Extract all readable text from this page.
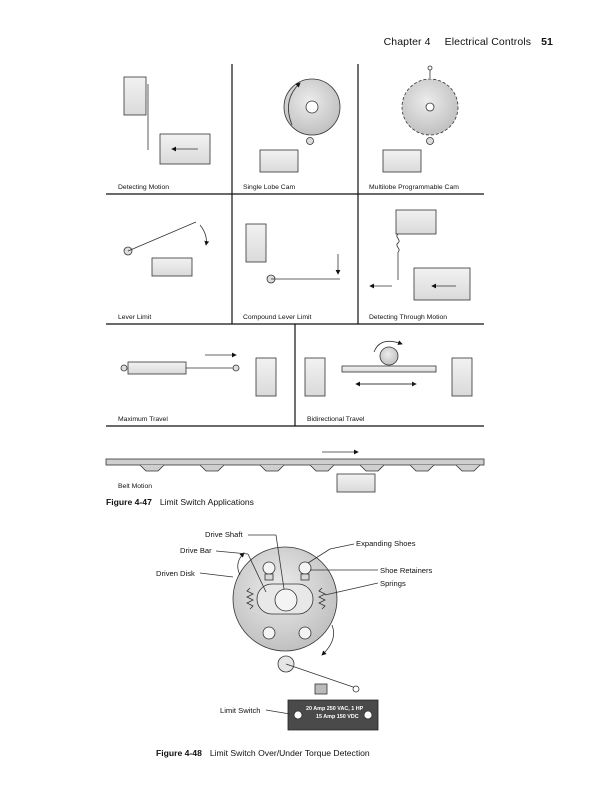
Chapter 4 Electrical Controls 51
Detecting Motion	Single Lobe Cam	Multilobe Programmable Cam
Lever Limit	Compound Lever Limit	Detecting Through Motion
Maximum Travel	Bidirectional Travel
Belt Motion
Figure 4-47 Limit Switch Applications
Drive Shaft
Drive Bar
Driven Disk
Expanding Shoes
Shoe Retainers
Springs
Limit Switch	20 Amp 250 VAC, 1 HP
15 Amp 150 VDC
Figure 4-48 Limit Switch Over/Under Torque Detection
